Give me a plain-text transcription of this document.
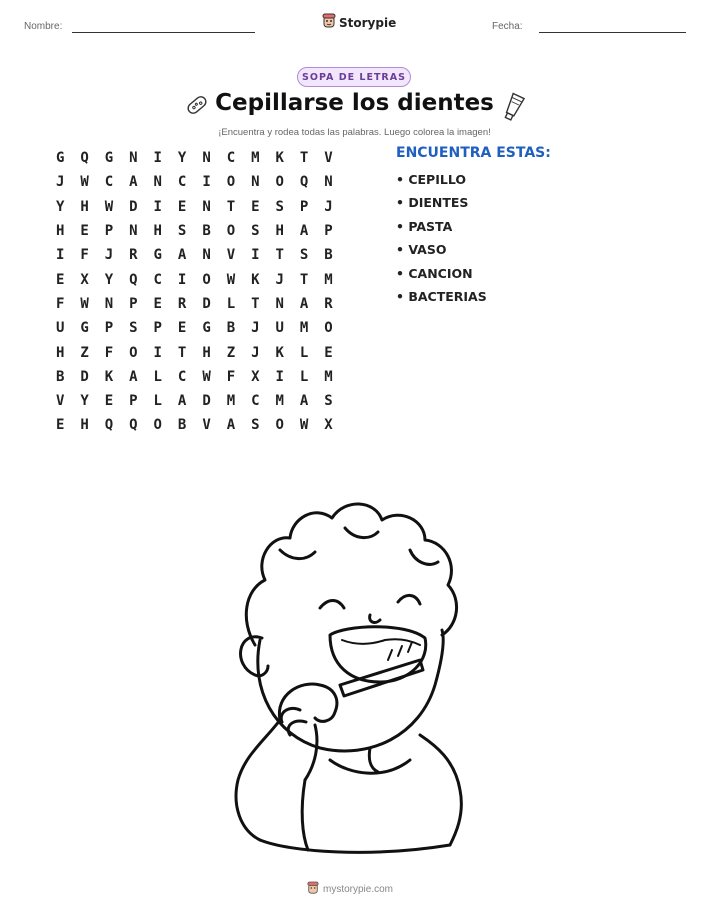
Nombre:	Storypie	Fecha:
SOPA DE LETRAS
Cepillarse los dientes
¡Encuentra y rodea todas las palabras. Luego colorea la imagen!
G	Q	G	N	I	Y	N	C	M	K	T	V
J	W	C	A	N	C	I	O	N	O	Q	N
Y	H	W	D	I	E	N	T	E	S	P	J
H	E	P	N	H	S	B	O	S	H	A	P
I	F	J	R	G	A	N	V	I	T	S	B
E	X	Y	Q	C	I	O	W	K	J	T	M
F	W	N	P	E	R	D	L	T	N	A	R
U	G	P	S	P	E	G	B	J	U	M	O
H	Z	F	O	I	T	H	Z	J	K	L	E
B	D	K	A	L	C	W	F	X	I	L	M
V	Y	E	P	L	A	D	M	C	M	A	S
E	H	Q	Q	O	B	V	A	S	O	W	X
ENCUENTRA ESTAS:
• CEPILLO
• DIENTES
• PASTA
• VASO
• CANCION
• BACTERIAS
mystorypie.com
